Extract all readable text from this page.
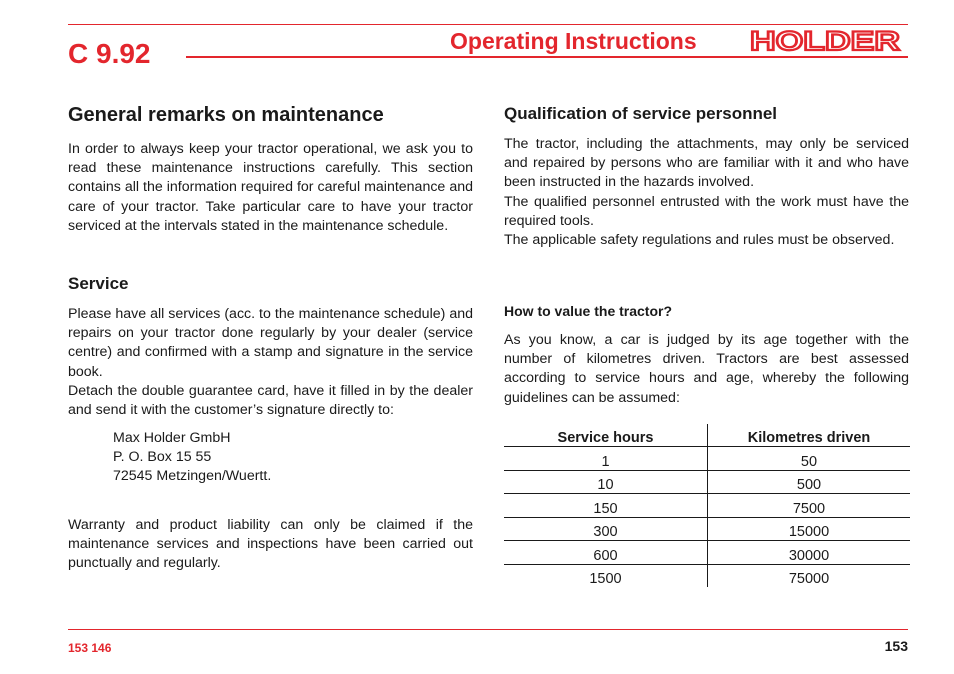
C 9.92	Operating Instructions HOLDER
General remarks on maintenance

In order to always keep your tractor operational, we ask you to read these maintenance instructions carefully. This section contains all the information required for careful maintenance and care of your tractor. Take particular care to have your tractor serviced at the intervals stated in the maintenance schedule.

Service

Please have all services (acc. to the maintenance schedule) and repairs on your tractor done regularly by your dealer (service centre) and confirmed with a stamp and signature in the service book.
Detach the double guarantee card, have it filled in by the dealer and send it with the customer’s signature directly to:

Max Holder GmbH
P. O. Box 15 55
72545 Metzingen/Wuertt.

Warranty and product liability can only be claimed if the maintenance services and inspections have been carried out punctually and regularly.

Qualification of service personnel

The tractor, including the attachments, may only be serviced and repaired by persons who are familiar with it and who have been instructed in the hazards involved.
The qualified personnel entrusted with the work must have the required tools.
The applicable safety regulations and rules must be observed.

How to value the tractor?

As you know, a car is judged by its age together with the number of kilometres driven. Tractors are best assessed according to service hours and age, whereby the following guidelines can be assumed:

Service hours	Kilometres driven
1	50
10	500
150	7500
300	15000
600	30000
1500	75000
153 146	153
